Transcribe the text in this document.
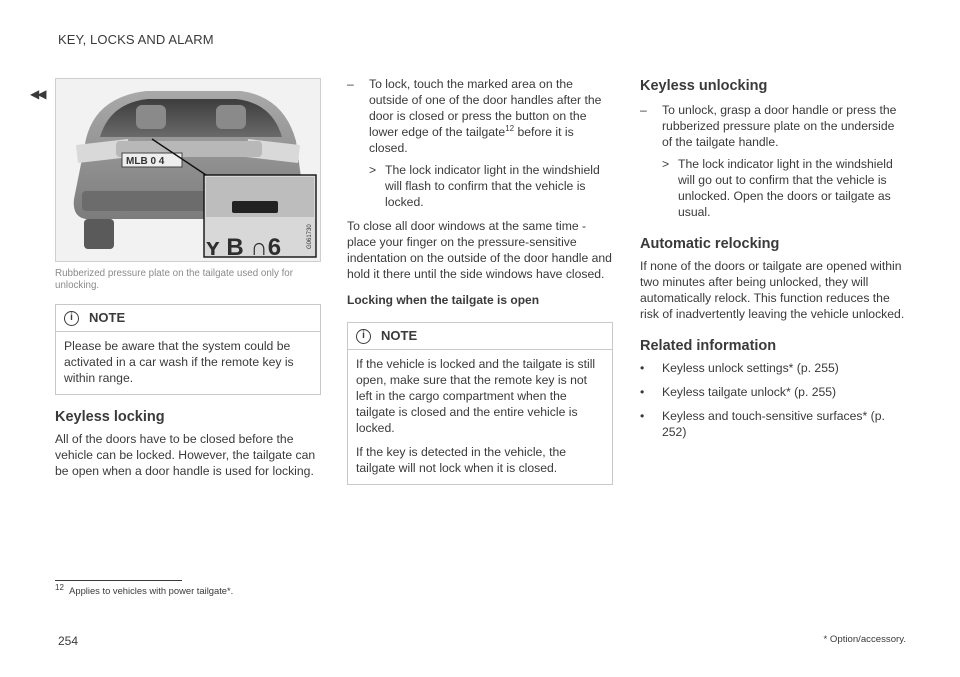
KEY, LOCKS AND ALARM
◀◀
MLB 0 4
ʏ B ∩6	G061730
Rubberized pressure plate on the tailgate used only for unlocking.
i	NOTE

Please be aware that the system could be activated in a car wash if the remote key is within range.

Keyless locking

All of the doors have to be closed before the vehicle can be locked. However, the tailgate can be open when a door handle is used for locking.

–	To lock, touch the marked area on the outside of one of the door handles after the door is closed or press the button on the lower edge of the tailgate$^{12}$ before it is closed.
> The lock indicator light in the windshield will flash to confirm that the vehicle is locked.

To close all door windows at the same time - place your finger on the pressure-sensitive indentation on the outside of the door handle and hold it there until the side windows have closed.

Locking when the tailgate is open
i	NOTE

If the vehicle is locked and the tailgate is still open, make sure that the remote key is not left in the cargo compartment when the tailgate is closed and the entire vehicle is locked.

If the key is detected in the vehicle, the tailgate will not lock when it is closed.

Keyless unlocking
–	To unlock, grasp a door handle or press the rubberized pressure plate on the underside of the tailgate handle.
> The lock indicator light in the windshield will go out to confirm that the vehicle is unlocked. Open the doors or tailgate as usual.
Automatic relocking

If none of the doors or tailgate are opened within two minutes after being unlocked, they will automatically relock. This function reduces the risk of inadvertently leaving the vehicle unlocked.

Related information
•	Keyless unlock settings* (p. 255)
•	Keyless tailgate unlock* (p. 255)
•	Keyless and touch-sensitive surfaces* (p. 252)
$^{12}$ Applies to vehicles with power tailgate*.
254	* Option/accessory.
